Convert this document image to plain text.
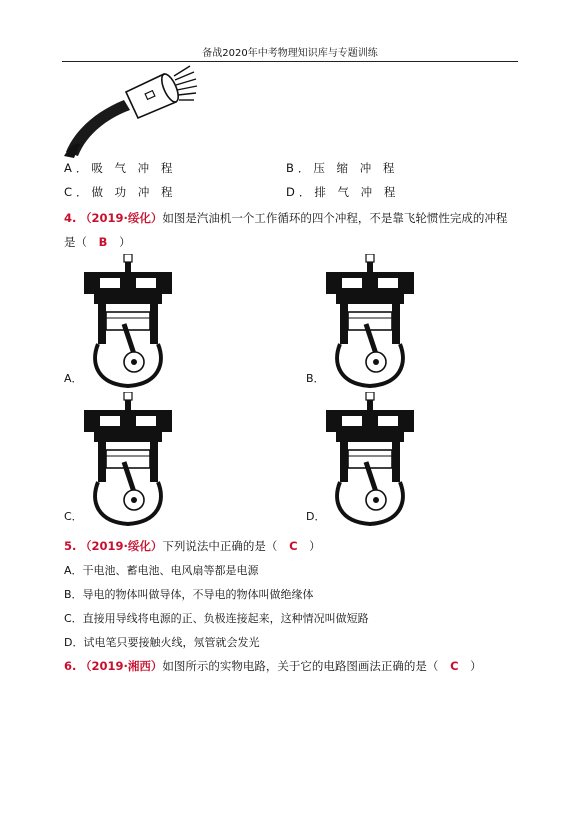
备战2020年中考物理知识库与专题训练
A．吸 气 冲 程	B．压 缩 冲 程
C．做 功 冲 程	D．排 气 冲 程
4. （2019·绥化）如图是汽油机一个工作循环的四个冲程，不是靠飞轮惯性完成的冲程
是（ B ）
A．	B．
C．	D．
5. （2019·绥化）下列说法中正确的是（ C ）
A．干电池、蓄电池、电风扇等都是电源
B．导电的物体叫做导体，不导电的物体叫做绝缘体
C．直接用导线将电源的正、负极连接起来，这种情况叫做短路
D．试电笔只要接触火线，氖管就会发光
6. （2019·湘西）如图所示的实物电路，关于它的电路图画法正确的是（ C ）
